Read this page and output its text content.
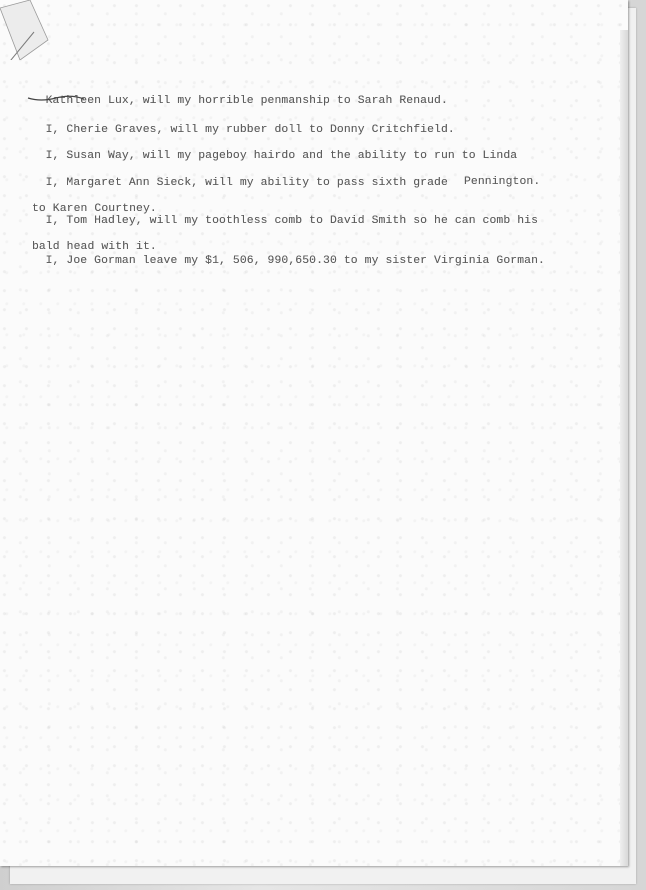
Kathleen Lux, will my horrible penmanship to Sarah Renaud.

I, Cherie Graves, will my rubber doll to Donny Critchfield.

I, Susan Way, will my pageboy hairdo and the ability to run to Linda

Pennington.

I, Margaret Ann Sieck, will my ability to pass sixth grade

to Karen Courtney.

I, Tom Hadley, will my toothless comb to David Smith so he can comb his

bald head with it.

I, Joe Gorman leave my $1, 506, 990,650.30 to my sister Virginia Gorman.
